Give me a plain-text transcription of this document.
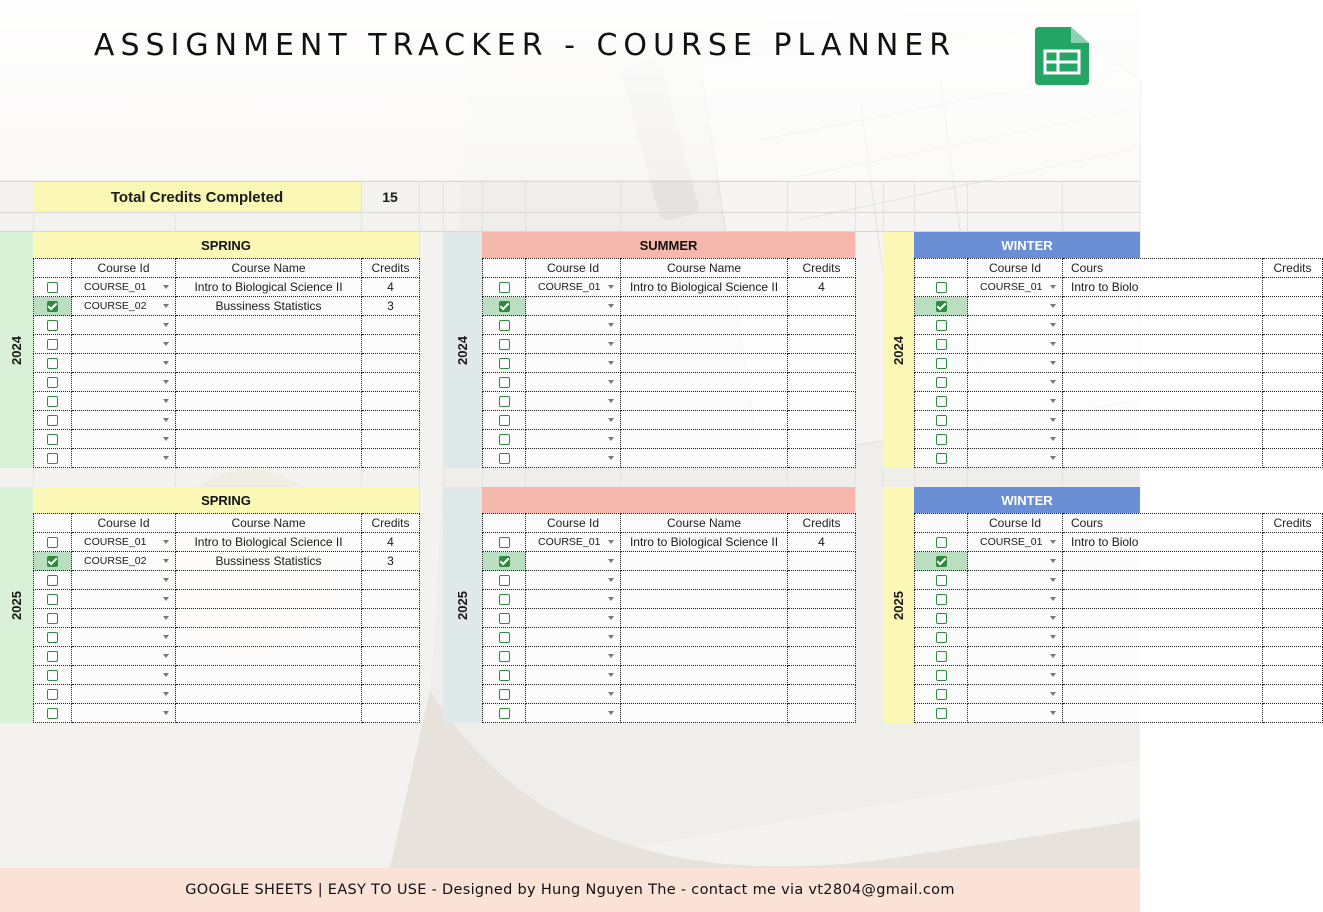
ASSIGNMENT TRACKER - COURSE PLANNER
Total Credits Completed	15
2024	2024	2024
2025	2025	2025
SPRING
	Course Id	Course Name	Credits
	COURSE_01	Intro to Biological Science II	4
	COURSE_02	Bussiness Statistics	3

SUMMER
	Course Id	Course Name	Credits
	COURSE_01	Intro to Biological Science II	4

WINTER
	Course Id	Cours	Credits
	COURSE_01	Intro to Biolo	

SPRING
	Course Id	Course Name	Credits
	COURSE_01	Intro to Biological Science II	4
	COURSE_02	Bussiness Statistics	3

	Course Id	Course Name	Credits
	COURSE_01	Intro to Biological Science II	4

WINTER
	Course Id	Cours	Credits
	COURSE_01	Intro to Biolo	

GOOGLE SHEETS | EASY TO USE - Designed by Hung Nguyen The - contact me via vt2804@gmail.com
